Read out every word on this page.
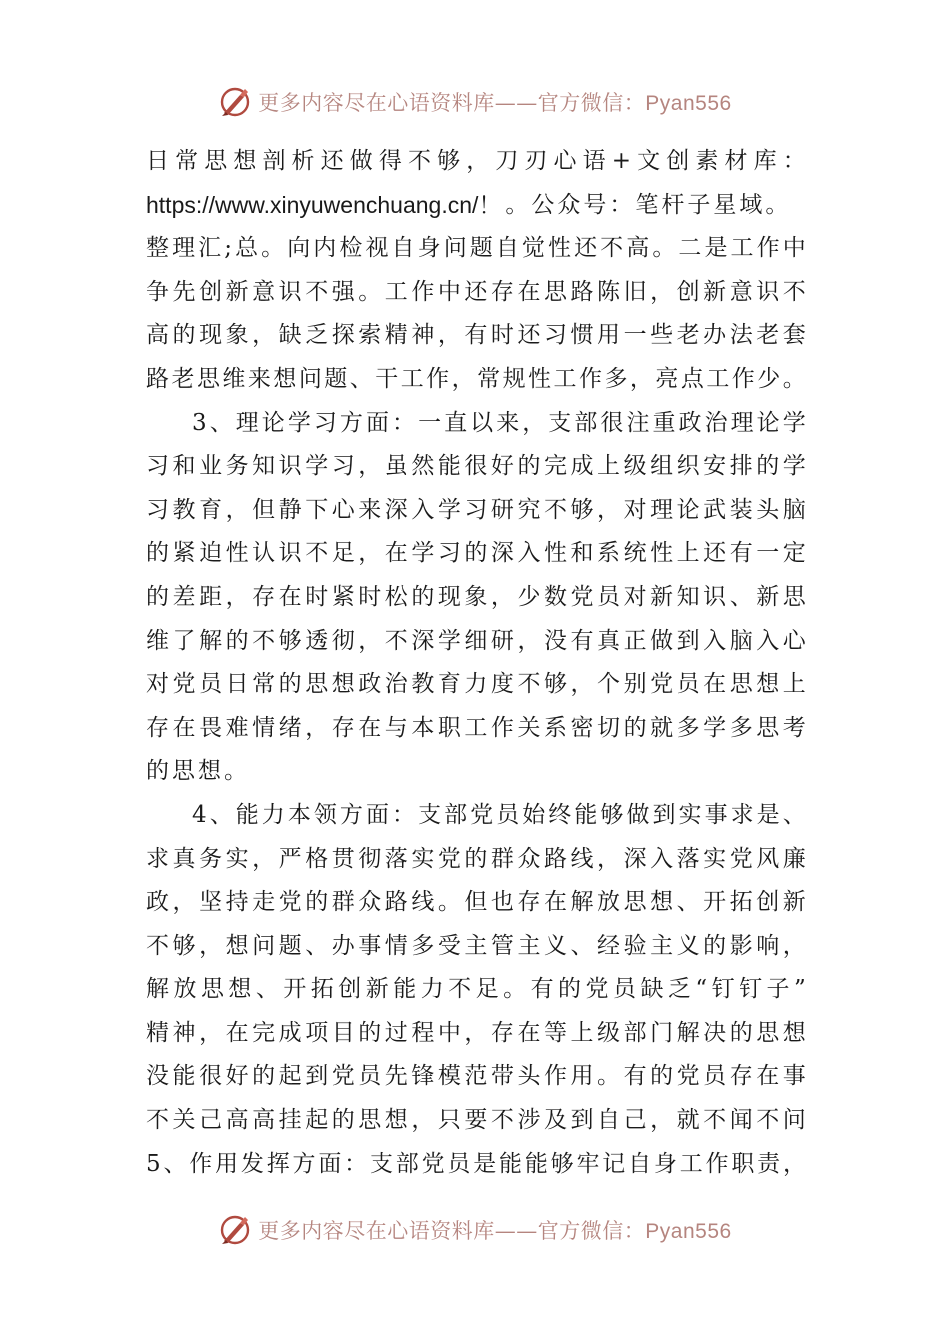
更多内容尽在心语资料库——官方微信：Pyan556
日 常 思 想 剖 析 还 做 得 不 够 ， 刀 刃 心 语 + 文 创 素 材 库 ：
https://www.xinyuwenchuang.cn/！ 。公众号：笔杆子星域。
整 理 汇 ; 总 。 向 内 检 视 自 身 问 题 自 觉 性 还 不 高 。 二 是 工 作 中
争 先 创 新 意 识 不 强 。 工 作 中 还 存 在 思 路 陈 旧 ， 创 新 意 识 不
高 的 现 象 ， 缺 乏 探 索 精 神 ， 有 时 还 习 惯 用 一 些 老 办 法 老 套
路 老 思 维 来 想 问 题 、 干 工 作 ， 常 规 性 工 作 多 ， 亮 点 工 作 少 。
3 、 理 论 学 习 方 面 ： 一 直 以 来 ， 支 部 很 注 重 政 治 理 论 学
习 和 业 务 知 识 学 习 ， 虽 然 能 很 好 的 完 成 上 级 组 织 安 排 的 学
习 教 育 ， 但 静 下 心 来 深 入 学 习 研 究 不 够 ， 对 理 论 武 装 头 脑
的 紧 迫 性 认 识 不 足 ， 在 学 习 的 深 入 性 和 系 统 性 上 还 有 一 定
的 差 距 ， 存 在 时 紧 时 松 的 现 象 ， 少 数 党 员 对 新 知 识 、 新 思
维 了 解 的 不 够 透 彻 ， 不 深 学 细 研 ， 没 有 真 正 做 到 入 脑 入 心
对 党 员 日 常 的 思 想 政 治 教 育 力 度 不 够 ， 个 别 党 员 在 思 想 上
存 在 畏 难 情 绪 ， 存 在 与 本 职 工 作 关 系 密 切 的 就 多 学 多 思 考
的 思 想 。
4 、 能 力 本 领 方 面 ： 支 部 党 员 始 终 能 够 做 到 实 事 求 是 、
求 真 务 实 ， 严 格 贯 彻 落 实 党 的 群 众 路 线 ， 深 入 落 实 党 风 廉
政 ， 坚 持 走 党 的 群 众 路 线 。 但 也 存 在 解 放 思 想 、 开 拓 创 新
不 够 ， 想 问 题 、 办 事 情 多 受 主 管 主 义 、 经 验 主 义 的 影 响 ，
解 放 思 想 、 开 拓 创 新 能 力 不 足 。 有 的 党 员 缺 乏 “ 钉 钉 子 ”
精 神 ， 在 完 成 项 目 的 过 程 中 ， 存 在 等 上 级 部 门 解 决 的 思 想
没 能 很 好 的 起 到 党 员 先 锋 模 范 带 头 作 用 。 有 的 党 员 存 在 事
不 关 己 高 高 挂 起 的 思 想 ， 只 要 不 涉 及 到 自 己 ， 就 不 闻 不 问
5 、 作 用 发 挥 方 面 ： 支 部 党 员 是 能 能 够 牢 记 自 身 工 作 职 责 ，
更多内容尽在心语资料库——官方微信：Pyan556
